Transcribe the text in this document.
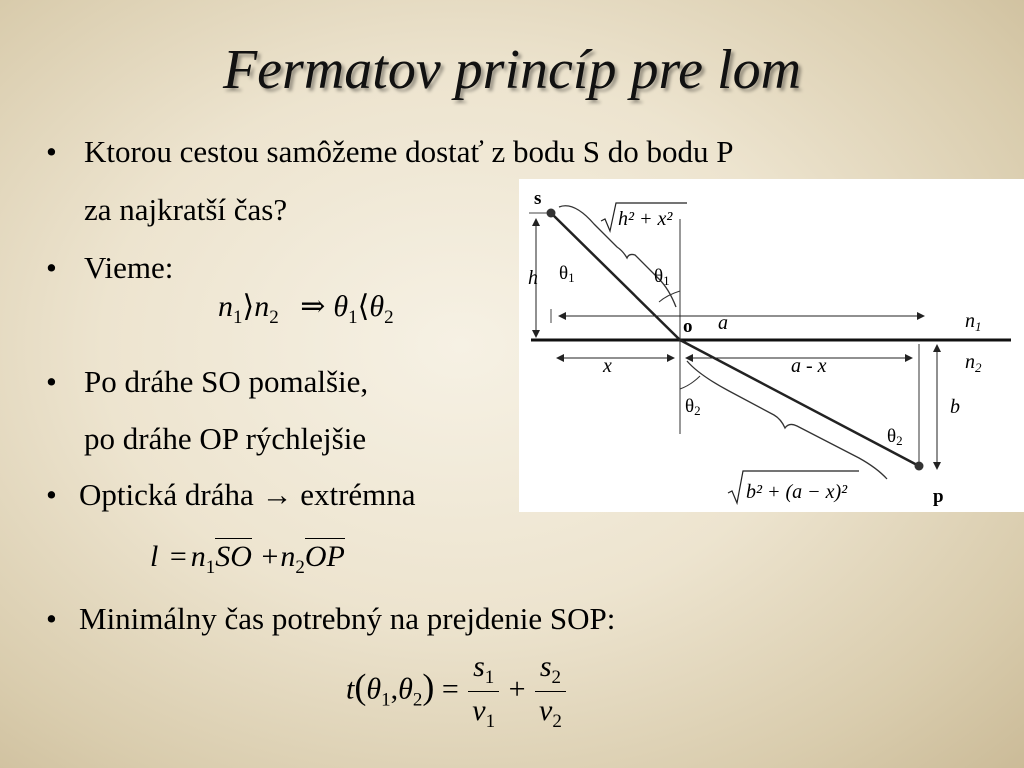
Fermatov princíp pre lom
• Ktorou cestou samôžeme dostať z bodu S do bodu P
za najkratší čas?
• Vieme:
$n_1⟩n_2$ ⇒ $\theta_1⟨\theta_2$
• Po dráhe SO pomalšie,
po dráhe OP rýchlejšie
• Optická dráha → extrémna
$l = n_1SO +n_2OP$
• Minimálny čas potrebný na prejdenie SOP:
$t(\theta_1,\theta_2) = \frac{s_1}{v_1} + \frac{s_2}{v_2}$
s
p
o
h
a
x	a - x
b
$n_1$
$n_2$
θ1	θ1
θ2
θ2
h² + x²
b² + (a − x)²
